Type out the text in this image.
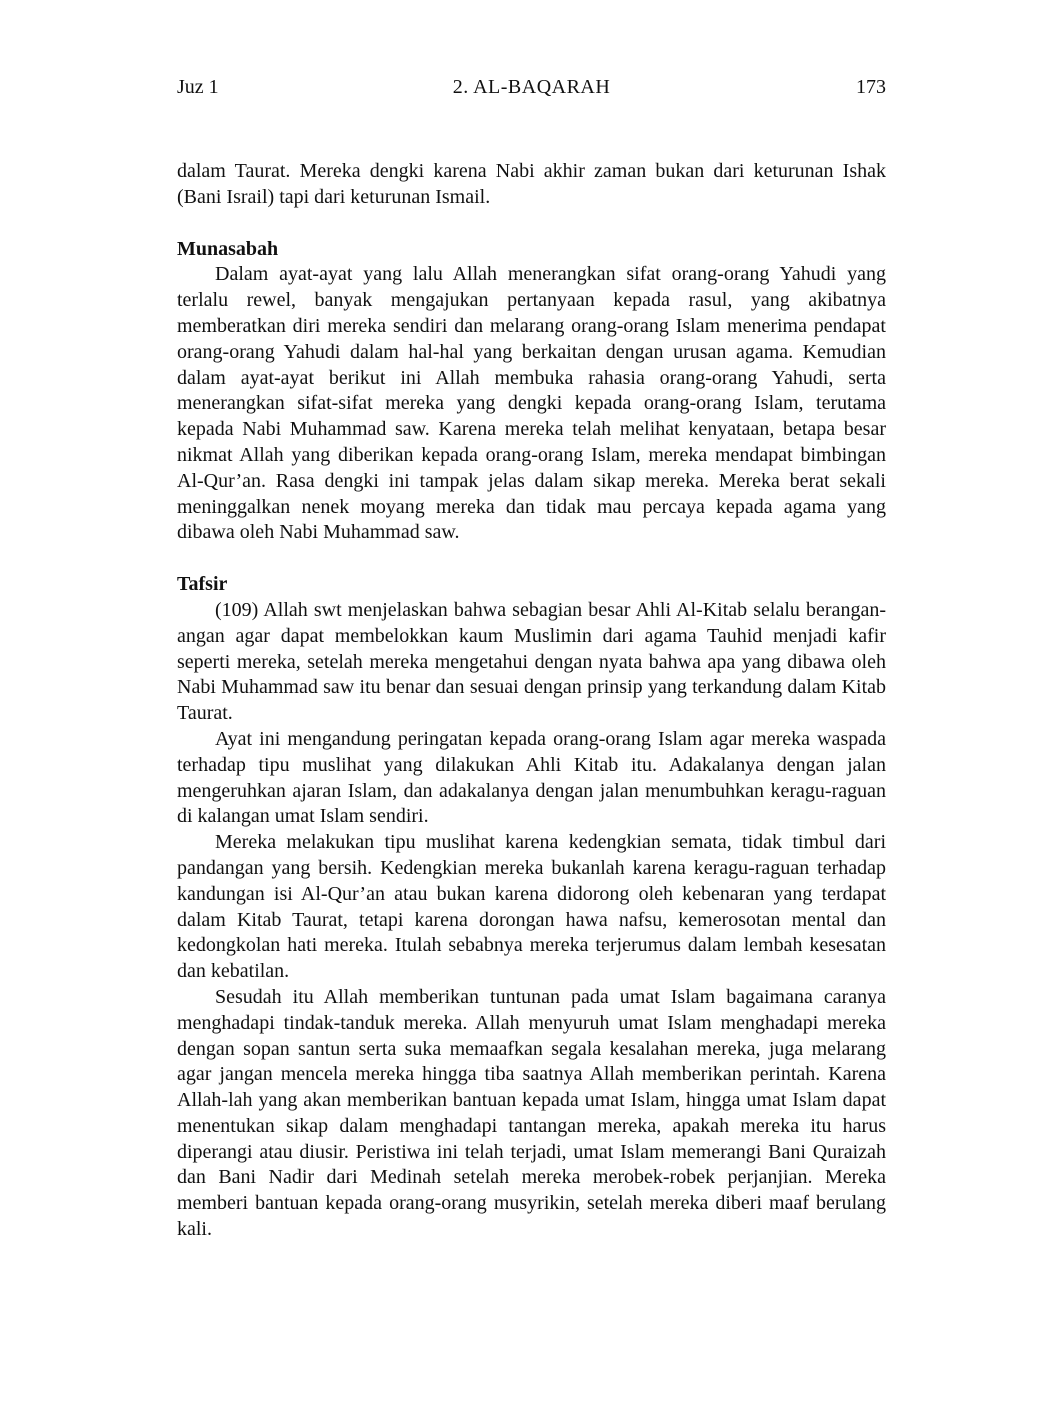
Juz 1	2. AL-BAQARAH	173

dalam Taurat. Mereka dengki karena Nabi akhir zaman bukan dari keturunan Ishak (Bani Israil) tapi dari keturunan Ismail.

Munasabah

Dalam ayat-ayat yang lalu Allah menerangkan sifat orang-orang Yahudi yang terlalu rewel, banyak mengajukan pertanyaan kepada rasul, yang akibatnya memberatkan diri mereka sendiri dan melarang orang-orang Islam menerima pendapat orang-orang Yahudi dalam hal-hal yang berkaitan dengan urusan agama. Kemudian dalam ayat-ayat berikut ini Allah membuka rahasia orang-orang Yahudi, serta menerangkan sifat-sifat mereka yang dengki kepada orang-orang Islam, terutama kepada Nabi Muhammad saw. Karena mereka telah melihat kenyataan, betapa besar nikmat Allah yang diberikan kepada orang-orang Islam, mereka mendapat bimbingan Al-Qur’an. Rasa dengki ini tampak jelas dalam sikap mereka. Mereka berat sekali meninggalkan nenek moyang mereka dan tidak mau percaya kepada agama yang dibawa oleh Nabi Muhammad saw.

Tafsir

(109) Allah swt menjelaskan bahwa sebagian besar Ahli Al-Kitab selalu berangan-angan agar dapat membelokkan kaum Muslimin dari agama Tauhid menjadi kafir seperti mereka, setelah mereka mengetahui dengan nyata bahwa apa yang dibawa oleh Nabi Muhammad saw itu benar dan sesuai dengan prinsip yang terkandung dalam Kitab Taurat.

Ayat ini mengandung peringatan kepada orang-orang Islam agar mereka waspada terhadap tipu muslihat yang dilakukan Ahli Kitab itu. Adakalanya dengan jalan mengeruhkan ajaran Islam, dan adakalanya dengan jalan menumbuhkan keragu-raguan di kalangan umat Islam sendiri.

Mereka melakukan tipu muslihat karena kedengkian semata, tidak timbul dari pandangan yang bersih. Kedengkian mereka bukanlah karena keragu-raguan terhadap kandungan isi Al-Qur’an atau bukan karena didorong oleh kebenaran yang terdapat dalam Kitab Taurat, tetapi karena dorongan hawa nafsu, kemerosotan mental dan kedongkolan hati mereka. Itulah sebabnya mereka terjerumus dalam lembah kesesatan dan kebatilan.

Sesudah itu Allah memberikan tuntunan pada umat Islam bagaimana caranya menghadapi tindak-tanduk mereka. Allah menyuruh umat Islam menghadapi mereka dengan sopan santun serta suka memaafkan segala kesalahan mereka, juga melarang agar jangan mencela mereka hingga tiba saatnya Allah memberikan perintah. Karena Allah-lah yang akan memberikan bantuan kepada umat Islam, hingga umat Islam dapat menentukan sikap dalam menghadapi tantangan mereka, apakah mereka itu harus diperangi atau diusir. Peristiwa ini telah terjadi, umat Islam memerangi Bani Quraizah dan Bani Nadir dari Medinah setelah mereka merobek-robek perjanjian. Mereka memberi bantuan kepada orang-orang musyrikin, setelah mereka diberi maaf berulang kali.
